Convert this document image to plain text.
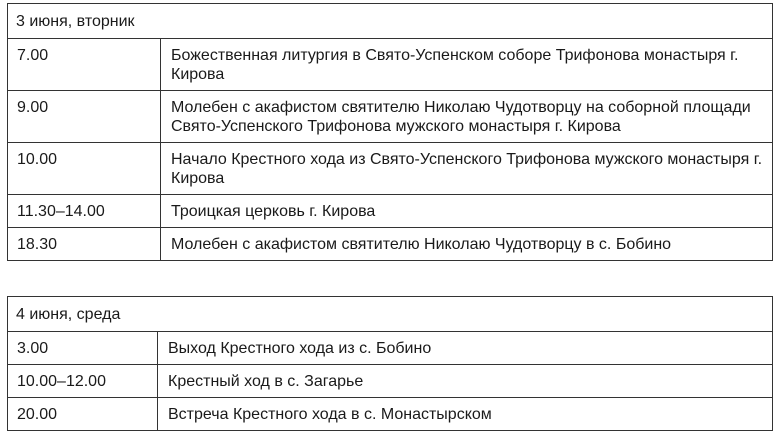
3 июня, вторник	
7.00	Божественная литургия в Свято-Успенском соборе Трифонова монастыря г. Кирова
9.00	Молебен с акафистом святителю Николаю Чудотворцу на соборной площади Свято-Успенского Трифонова мужского монастыря г. Кирова
10.00	Начало Крестного хода из Свято-Успенского Трифонова мужского монастыря г. Кирова
11.30–14.00	Троицкая церковь г. Кирова
18.30	Молебен с акафистом святителю Николаю Чудотворцу в с. Бобино
4 июня, среда	
3.00	Выход Крестного хода из с. Бобино
10.00–12.00	Крестный ход в с. Загарье
20.00	Встреча Крестного хода в с. Монастырском
